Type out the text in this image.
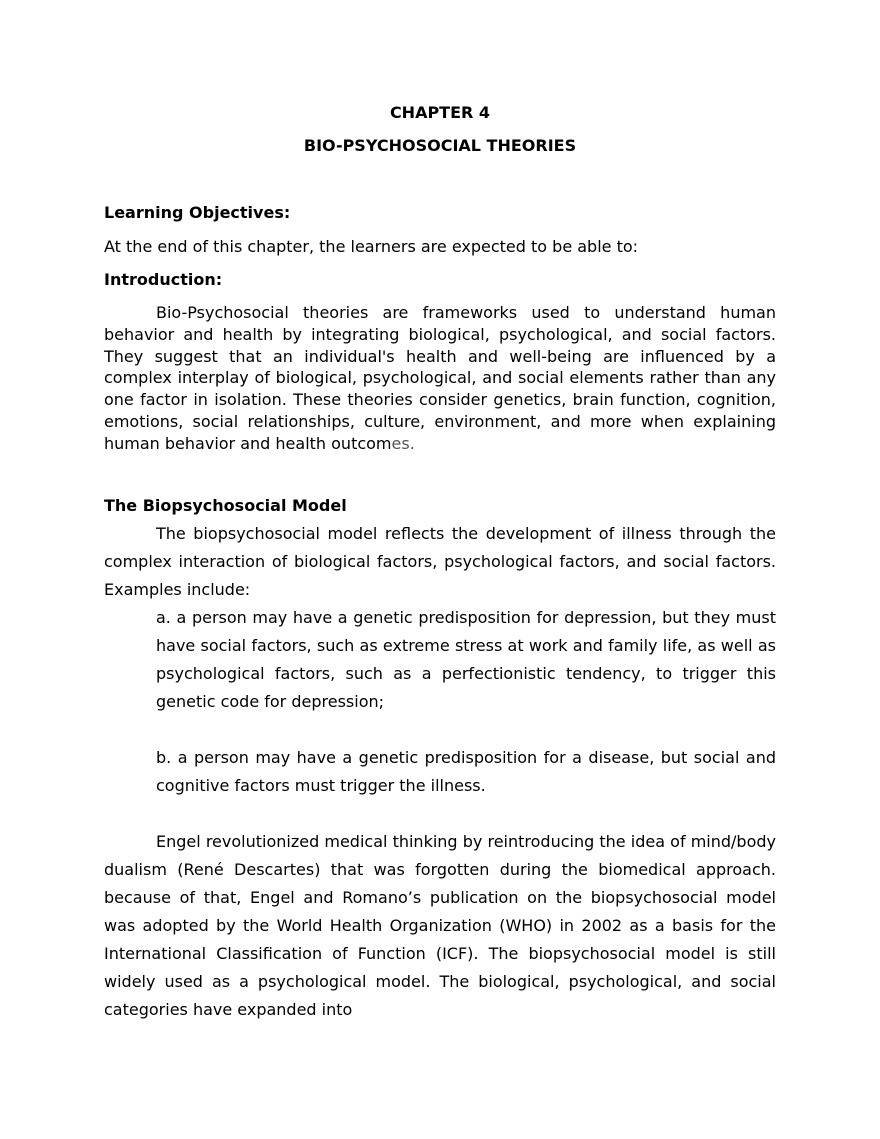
CHAPTER 4
BIO-PSYCHOSOCIAL THEORIES

Learning Objectives:

At the end of this chapter, the learners are expected to be able to:

Introduction:

Bio-Psychosocial theories are frameworks used to understand human behavior and health by integrating biological, psychological, and social factors. They suggest that an individual's health and well-being are influenced by a complex interplay of biological, psychological, and social elements rather than any one factor in isolation. These theories consider genetics, brain function, cognition, emotions, social relationships, culture, environment, and more when explaining human behavior and health outcomes.

The Biopsychosocial Model

The biopsychosocial model reflects the development of illness through the complex interaction of biological factors, psychological factors, and social factors. Examples include:

a. a person may have a genetic predisposition for depression, but they must have social factors, such as extreme stress at work and family life, as well as psychological factors, such as a perfectionistic tendency, to trigger this genetic code for depression;

b. a person may have a genetic predisposition for a disease, but social and cognitive factors must trigger the illness.

Engel revolutionized medical thinking by reintroducing the idea of mind/body dualism (René Descartes) that was forgotten during the biomedical approach. because of that, Engel and Romano’s publication on the biopsychosocial model was adopted by the World Health Organization (WHO) in 2002 as a basis for the International Classification of Function (ICF). The biopsychosocial model is still widely used as a psychological model. The biological, psychological, and social categories have expanded into
